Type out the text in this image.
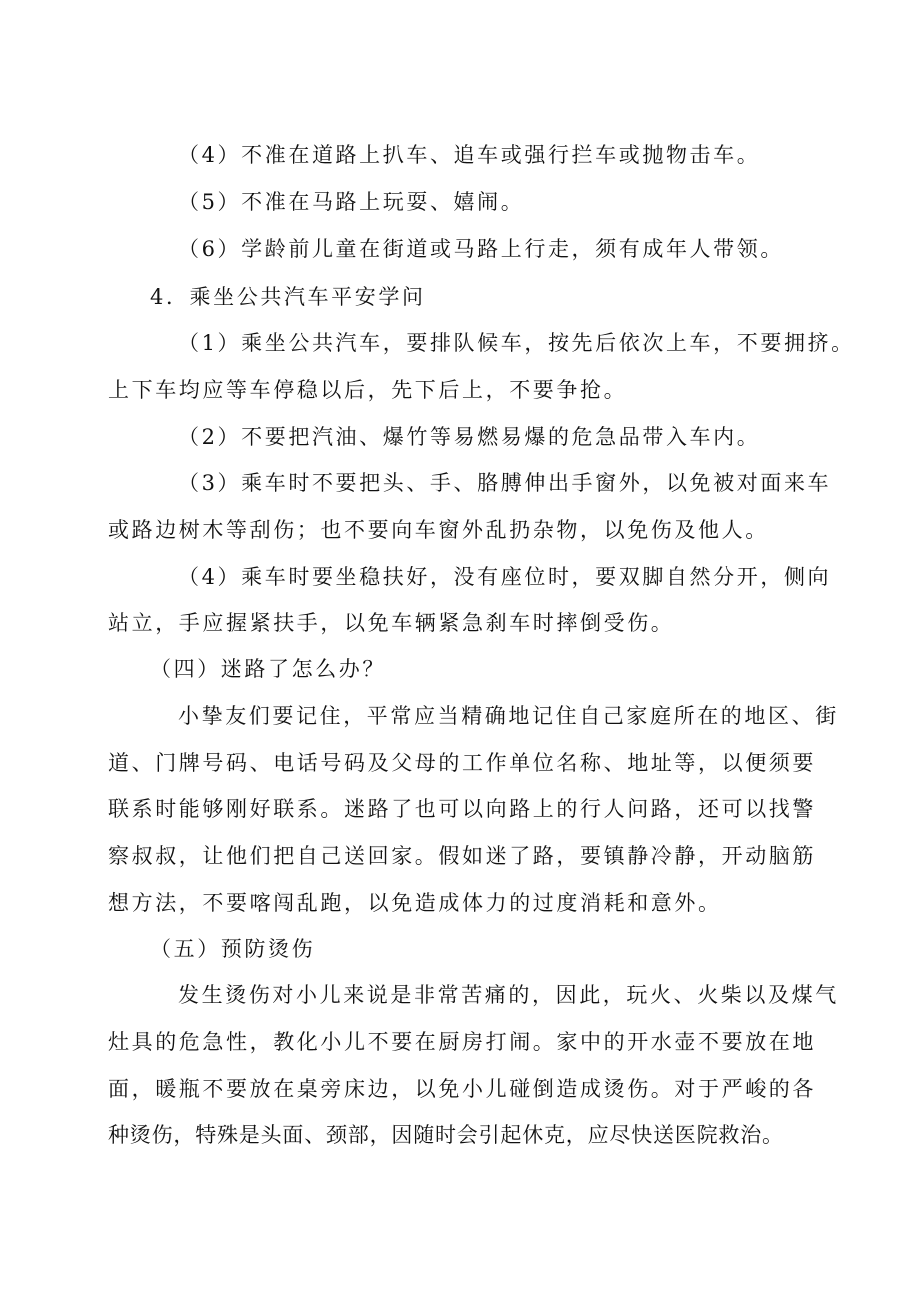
（4）不准在道路上扒车、追车或强行拦车或抛物击车。
（5）不准在马路上玩耍、嬉闹。
（6）学龄前儿童在街道或马路上行走，须有成年人带领。
4．乘坐公共汽车平安学问
（1）乘坐公共汽车，要排队候车，按先后依次上车，不要拥挤。
上下车均应等车停稳以后，先下后上，不要争抢。
（2）不要把汽油、爆竹等易燃易爆的危急品带入车内。
（3）乘车时不要把头、手、胳膊伸出手窗外，以免被对面来车
或路边树木等刮伤；也不要向车窗外乱扔杂物，以免伤及他人。
（4）乘车时要坐稳扶好，没有座位时，要双脚自然分开，侧向
站立，手应握紧扶手，以免车辆紧急刹车时摔倒受伤。
（四）迷路了怎么办？
小挚友们要记住，平常应当精确地记住自己家庭所在的地区、街
道、门牌号码、电话号码及父母的工作单位名称、地址等，以便须要
联系时能够刚好联系。迷路了也可以向路上的行人问路，还可以找警
察叔叔，让他们把自己送回家。假如迷了路，要镇静冷静，开动脑筋
想方法，不要喀闯乱跑，以免造成体力的过度消耗和意外。
（五）预防烫伤
发生烫伤对小儿来说是非常苦痛的，因此，玩火、火柴以及煤气
灶具的危急性，教化小儿不要在厨房打闹。家中的开水壶不要放在地
面，暖瓶不要放在桌旁床边，以免小儿碰倒造成烫伤。对于严峻的各
种烫伤，特殊是头面、颈部，因随时会引起休克，应尽快送医院救治。
